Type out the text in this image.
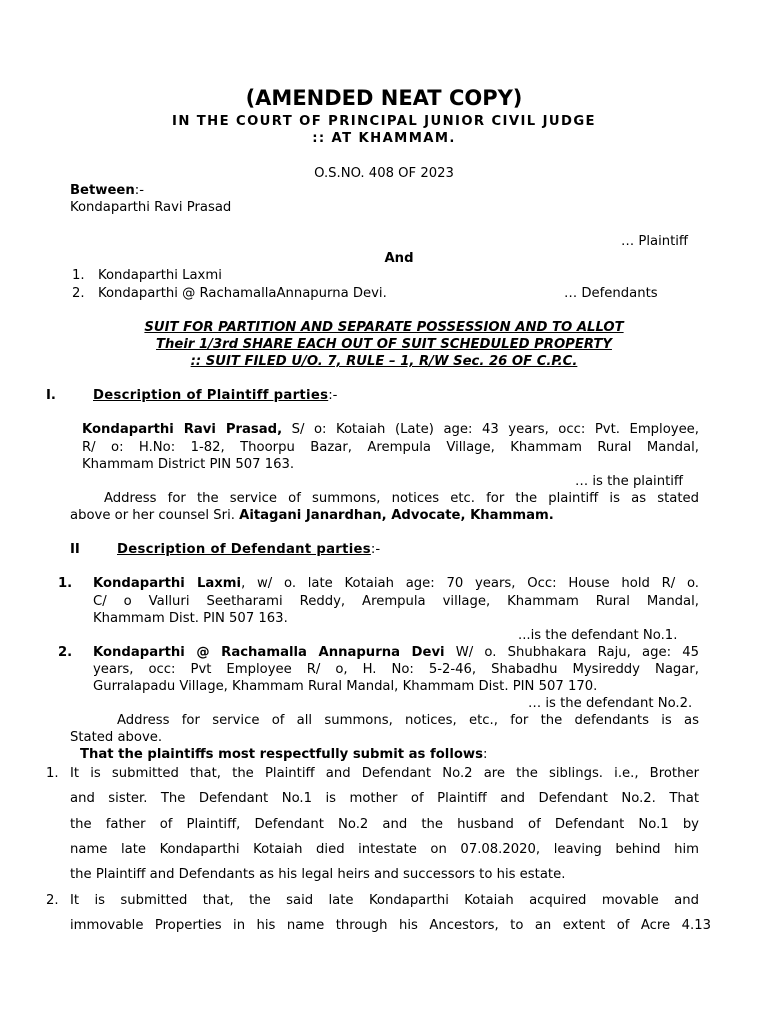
(AMENDED NEAT COPY)
IN THE COURT OF PRINCIPAL JUNIOR CIVIL JUDGE
:: AT KHAMMAM.
O.S.NO. 408 OF 2023
Between:-
Kondaparthi Ravi Prasad
… Plaintiff
And
1. Kondaparthi Laxmi
2. Kondaparthi @ RachamallaAnnapurna Devi.	… Defendants
SUIT FOR PARTITION AND SEPARATE POSSESSION AND TO ALLOT
Their 1/3rd SHARE EACH OUT OF SUIT SCHEDULED PROPERTY
:: SUIT FILED U/O. 7, RULE – 1, R/W Sec. 26 OF C.P.C.
I.	Description of Plaintiff parties:-
Kondaparthi Ravi Prasad, S/ o: Kotaiah (Late) age: 43 years, occ: Pvt. Employee,
R/ o: H.No: 1-82, Thoorpu Bazar, Arempula Village, Khammam Rural Mandal,
Khammam District PIN 507 163.
… is the plaintiff
Address for the service of summons, notices etc. for the plaintiff is as stated
above or her counsel Sri. Aitagani Janardhan, Advocate, Khammam.
II	Description of Defendant parties:-
1. Kondaparthi Laxmi, w/ o. late Kotaiah age: 70 years, Occ: House hold R/ o.
C/ o Valluri Seetharami Reddy, Arempula village, Khammam Rural Mandal,
Khammam Dist. PIN 507 163.
...is the defendant No.1.
2. Kondaparthi @ Rachamalla Annapurna Devi W/ o. Shubhakara Raju, age: 45
years, occ: Pvt Employee R/ o, H. No: 5-2-46, Shabadhu Mysireddy Nagar,
Gurralapadu Village, Khammam Rural Mandal, Khammam Dist. PIN 507 170.
… is the defendant No.2.
Address for service of all summons, notices, etc., for the defendants is as
Stated above.
That the plaintiffs most respectfully submit as follows:
1. It is submitted that, the Plaintiff and Defendant No.2 are the siblings. i.e., Brother
and sister. The Defendant No.1 is mother of Plaintiff and Defendant No.2. That
the father of Plaintiff, Defendant No.2 and the husband of Defendant No.1 by
name late Kondaparthi Kotaiah died intestate on 07.08.2020, leaving behind him
the Plaintiff and Defendants as his legal heirs and successors to his estate.
2. It is submitted that, the said late Kondaparthi Kotaiah acquired movable and
immovable Properties in his name through his Ancestors, to an extent of Acre 4.13
